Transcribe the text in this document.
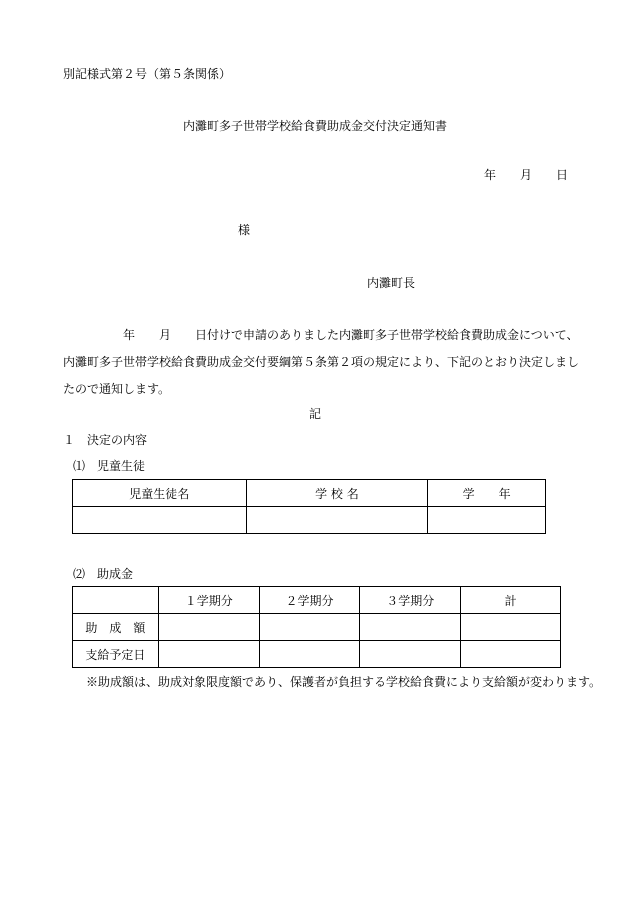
別記様式第２号（第５条関係）
内灘町多子世帯学校給食費助成金交付決定通知書
年 月 日
様
内灘町長

　　　　　年　　月　　日付けで申請のありました内灘町多子世帯学校給食費助成金について、

内灘町多子世帯学校給食費助成金交付要綱第５条第２項の規定により、下記のとおり決定しまし

たので通知します。

記
１　決定の内容
⑴　児童生徒
児童生徒名	学 校 名	学　　年

⑵　助成金
	１学期分	２学期分	３学期分	計
助　成　額				
支給予定日				
※助成額は、助成対象限度額であり、保護者が負担する学校給食費により支給額が変わります。
